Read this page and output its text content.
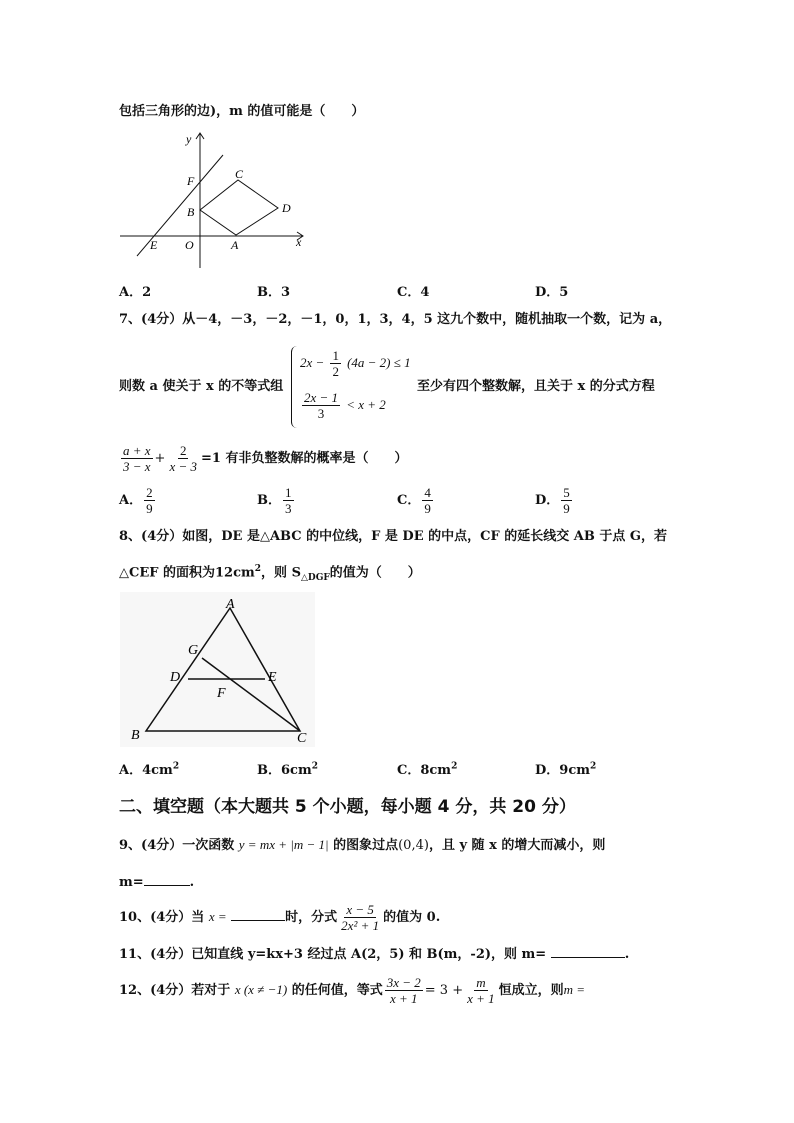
包括三角形的边)，m 的值可能是（　　）
y
x
F	C
B	D
E O	A
A．2	B．3	C．4	D．5
7、(4分）从－4，－3，－2，－1，0，1，3，4，5 这九个数中，随机抽取一个数，记为 a，
则数 a 使关于 x 的不等式组
$2x - \frac{1}{2} (4a - 2) \le 1$
$\frac{2x - 1}{3} < x + 2$
至少有四个整数解，且关于 x 的分式方程
$\frac{a + x}{3 - x} + \frac{2}{x - 3} =1$ 有非负整数解的概率是（　　）
A． $\frac{2}{9}$	B． $\frac{1}{3}$	C． $\frac{4}{9}$	D． $\frac{5}{9}$
8、(4分）如图，DE 是△ABC 的中位线，F 是 DE 的中点，CF 的延长线交 AB 于点 G，若
△CEF 的面积为$12cm^2$，则 $S_{\triangle DGF}$的值为（　　）
A
G
D	E
F
B	C
A．$4cm^2$	B．$6cm^2$	C．$8cm^2$	D．$9cm^2$
二、填空题（本大题共 5 个小题，每小题 4 分，共 20 分）
9、(4分）一次函数 y = mx + |m − 1| 的图象过点(0,4)，且 y 随 x 的增大而减小，则
m=	.
10、(4分）当 x =	时，分式 $\frac{x - 5}{\text{2x² + 1}}$ 的值为 0.
11、(4分）已知直线 y=kx+3 经过点 A(2，5) 和 B(m，-2)，则 m=	.
12、(4分）若对于 x (x ≠ −1) 的任何值，等式 $\frac{3x - 2}{x + 1} = 3 + \frac{m}{x + 1}$ 恒成立，则m =
